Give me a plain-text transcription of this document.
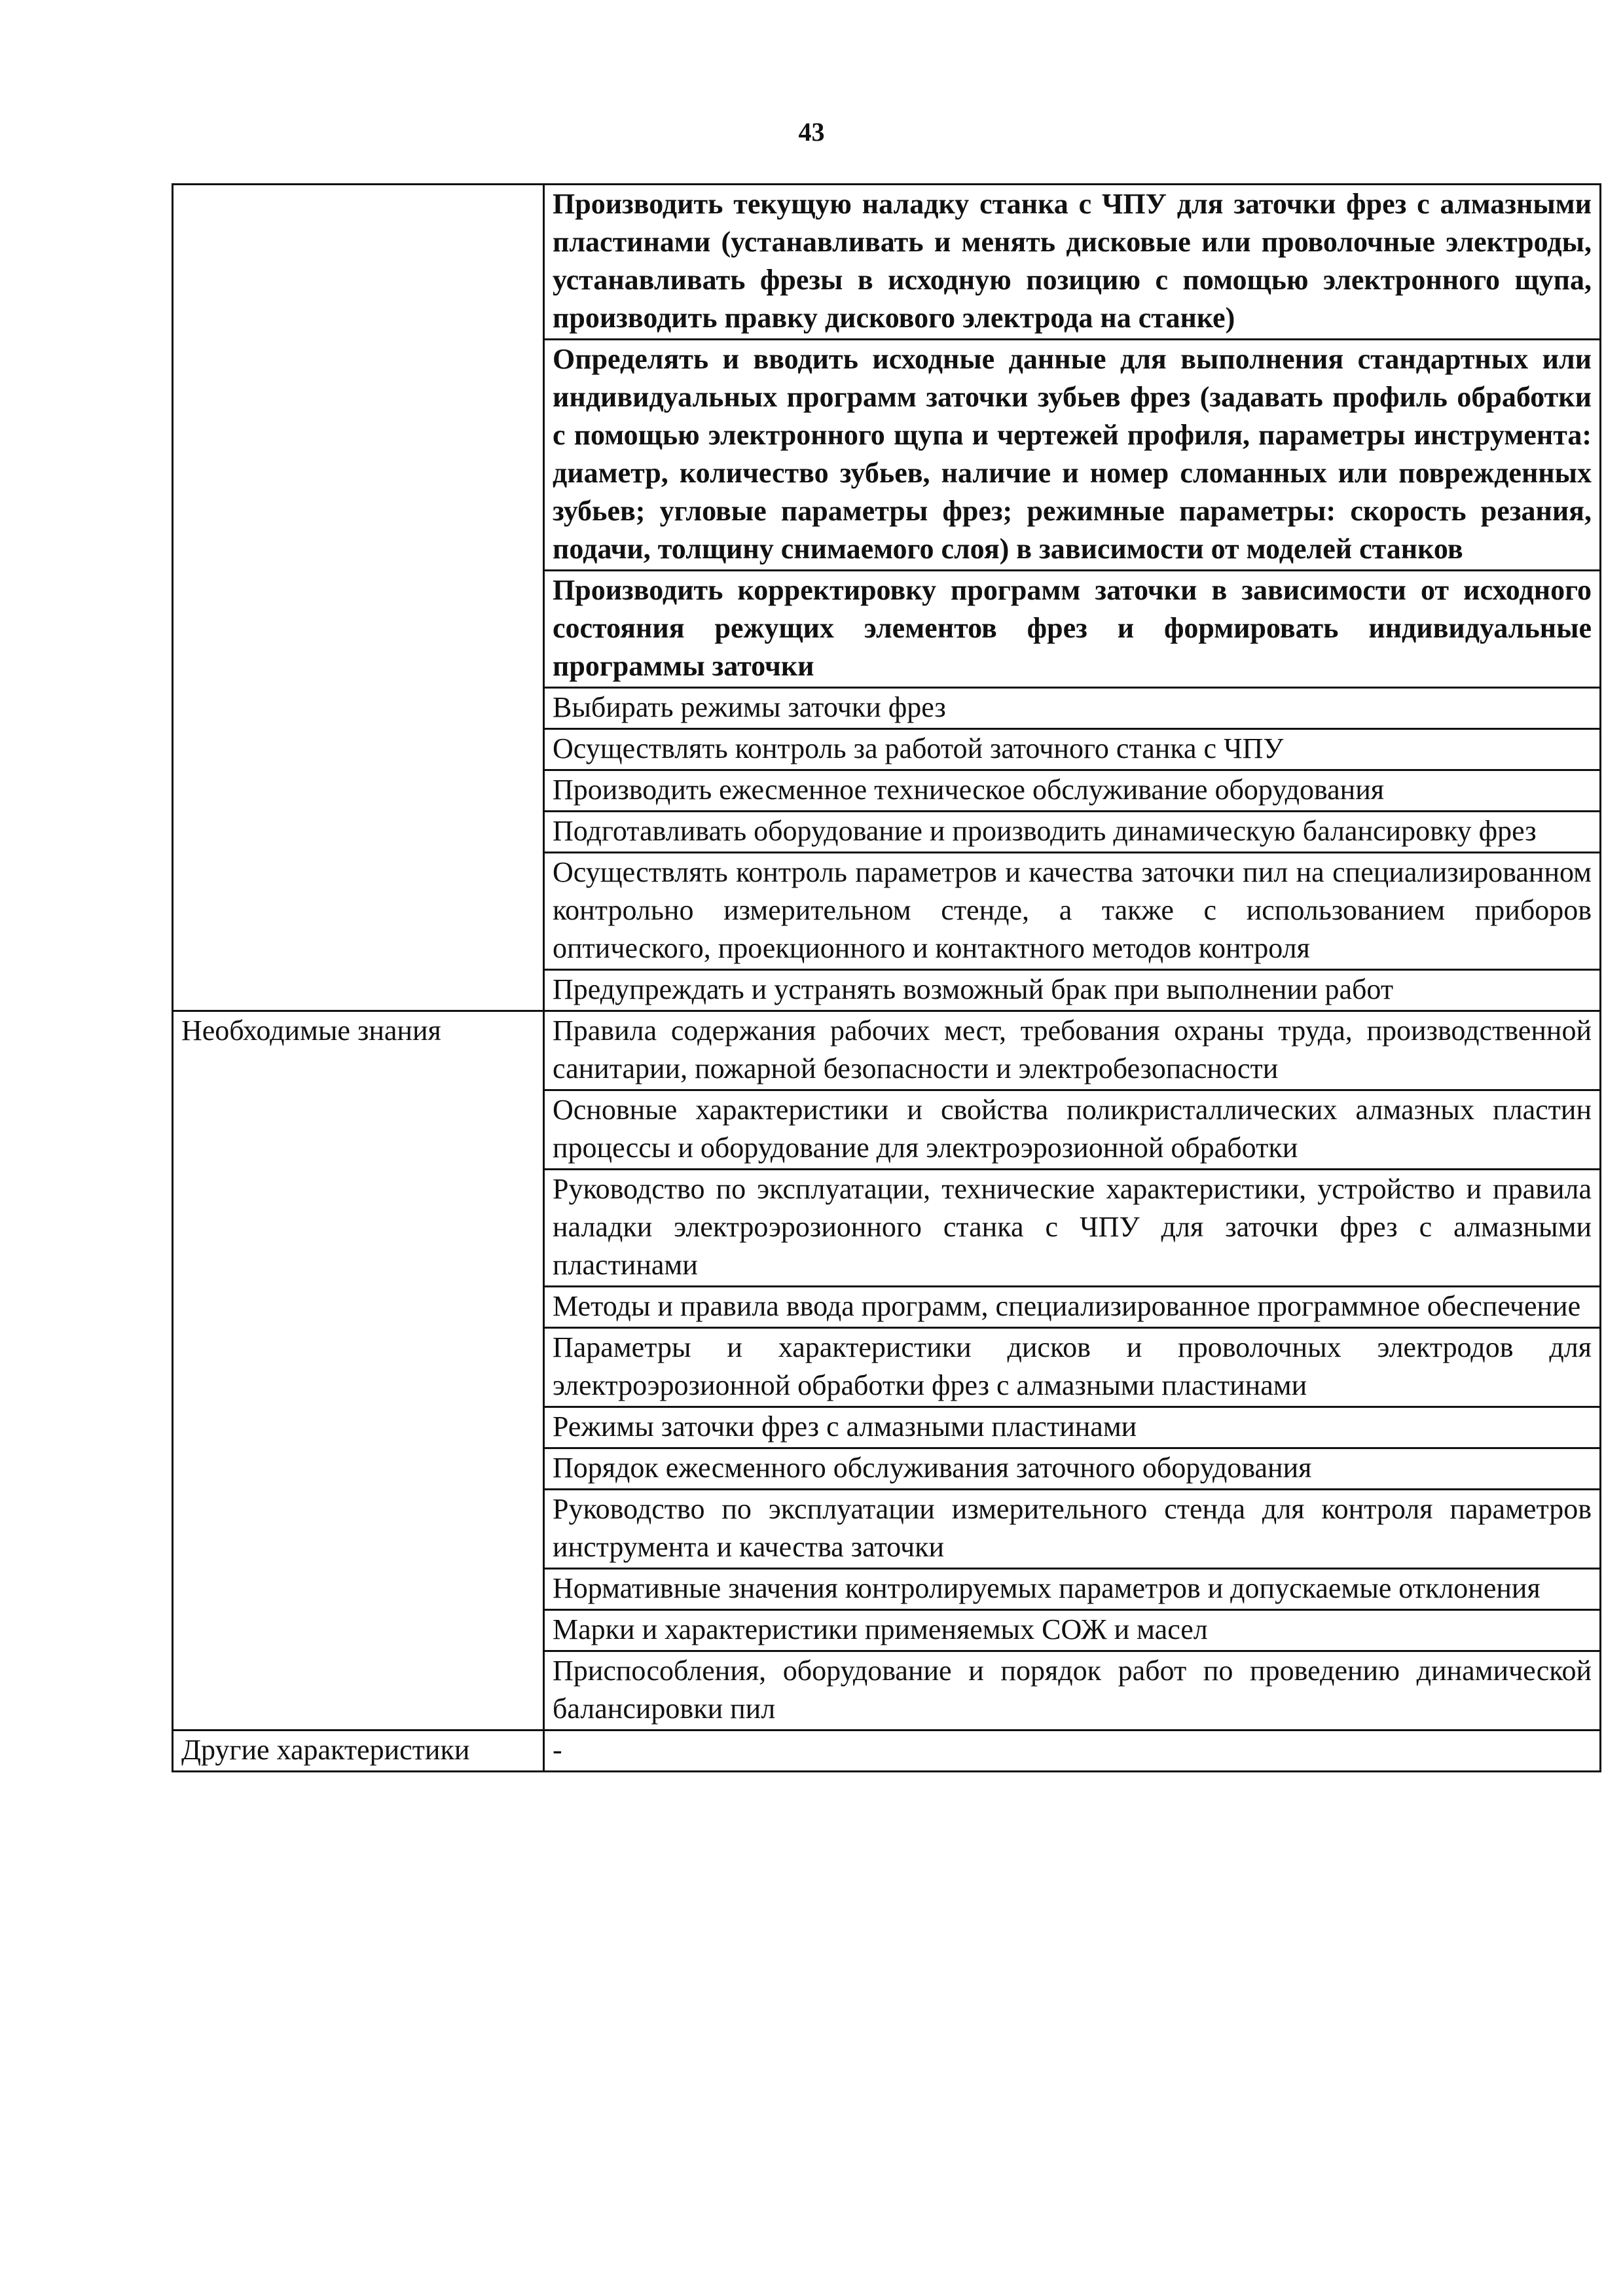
43
	Производить текущую наладку станка с ЧПУ для заточки фрез с алмазными пластинами (устанавливать и менять дисковые или проволочные электроды, устанавливать фрезы в исходную позицию с помощью электронного щупа, производить правку дискового электрода на станке)
	Определять и вводить исходные данные для выполнения стандартных или индивидуальных программ заточки зубьев фрез (задавать профиль обработки с помощью электронного щупа и чертежей профиля, параметры инструмента: диаметр, количество зубьев, наличие и номер сломанных или поврежденных зубьев; угловые параметры фрез; режимные параметры: скорость резания, подачи, толщину снимаемого слоя) в зависимости от моделей станков
	Производить корректировку программ заточки в зависимости от исходного состояния режущих элементов фрез и формировать индивидуальные программы заточки
	Выбирать режимы заточки фрез
	Осуществлять контроль за работой заточного станка с ЧПУ
	Производить ежесменное техническое обслуживание оборудования
	Подготавливать оборудование и производить динамическую балансировку фрез
	Осуществлять контроль параметров и качества заточки пил на специализированном контрольно измерительном стенде, а также с использованием приборов оптического, проекционного и контактного методов контроля
	Предупреждать и устранять возможный брак при выполнении работ
Необходимые знания	Правила содержания рабочих мест, требования охраны труда, производственной санитарии, пожарной безопасности и электробезопасности
	Основные характеристики и свойства поликристаллических алмазных пластин процессы и оборудование для электроэрозионной обработки
	Руководство по эксплуатации, технические характеристики, устройство и правила наладки электроэрозионного станка с ЧПУ для заточки фрез с алмазными пластинами
	Методы и правила ввода программ, специализированное программное обеспечение
	Параметры и характеристики дисков и проволочных электродов для электроэрозионной обработки фрез с алмазными пластинами
	Режимы заточки фрез с алмазными пластинами
	Порядок ежесменного обслуживания заточного оборудования
	Руководство по эксплуатации измерительного стенда для контроля параметров инструмента и качества заточки
	Нормативные значения контролируемых параметров и допускаемые отклонения
	Марки и характеристики применяемых СОЖ и масел
	Приспособления, оборудование и порядок работ по проведению динамической балансировки пил
Другие характеристики	-
